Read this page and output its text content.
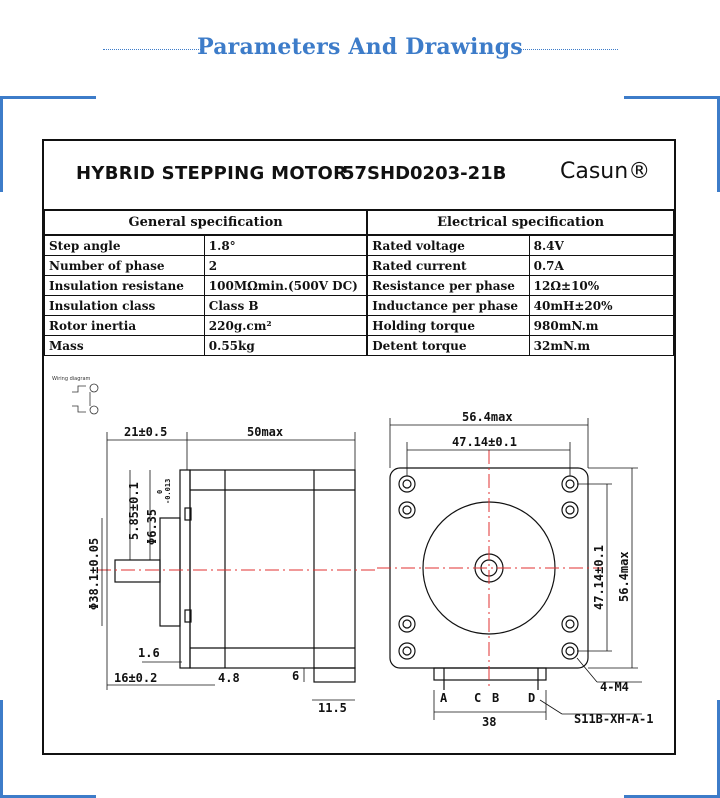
Parameters And Drawings
HYBRID STEPPING MOTOR
57SHD0203-21B Casun®
General specification		Electrical specification	
Step angle	1.8°	Rated voltage	8.4V
Number of phase	2	Rated current	0.7A
Insulation resistane	100MΩmin.(500V DC)	Resistance per phase	12Ω±10%
Insulation class	Class B	Inductance per phase	40mH±20%
Rotor inertia	220g.cm²	Holding torque	980mN.m
Mass	0.55kg	Detent torque	32mN.m
Wiring diagram
21±0.5	50max
5.85±0.1 Φ6.35
0 -0.013
Φ38.1±0.05
1.6
16±0.2	4.8	6
11.5
56.4max
47.14±0.1
47.14±0.1 56.4max
4-M4
S11B-XH-A-1
A C B D
38
